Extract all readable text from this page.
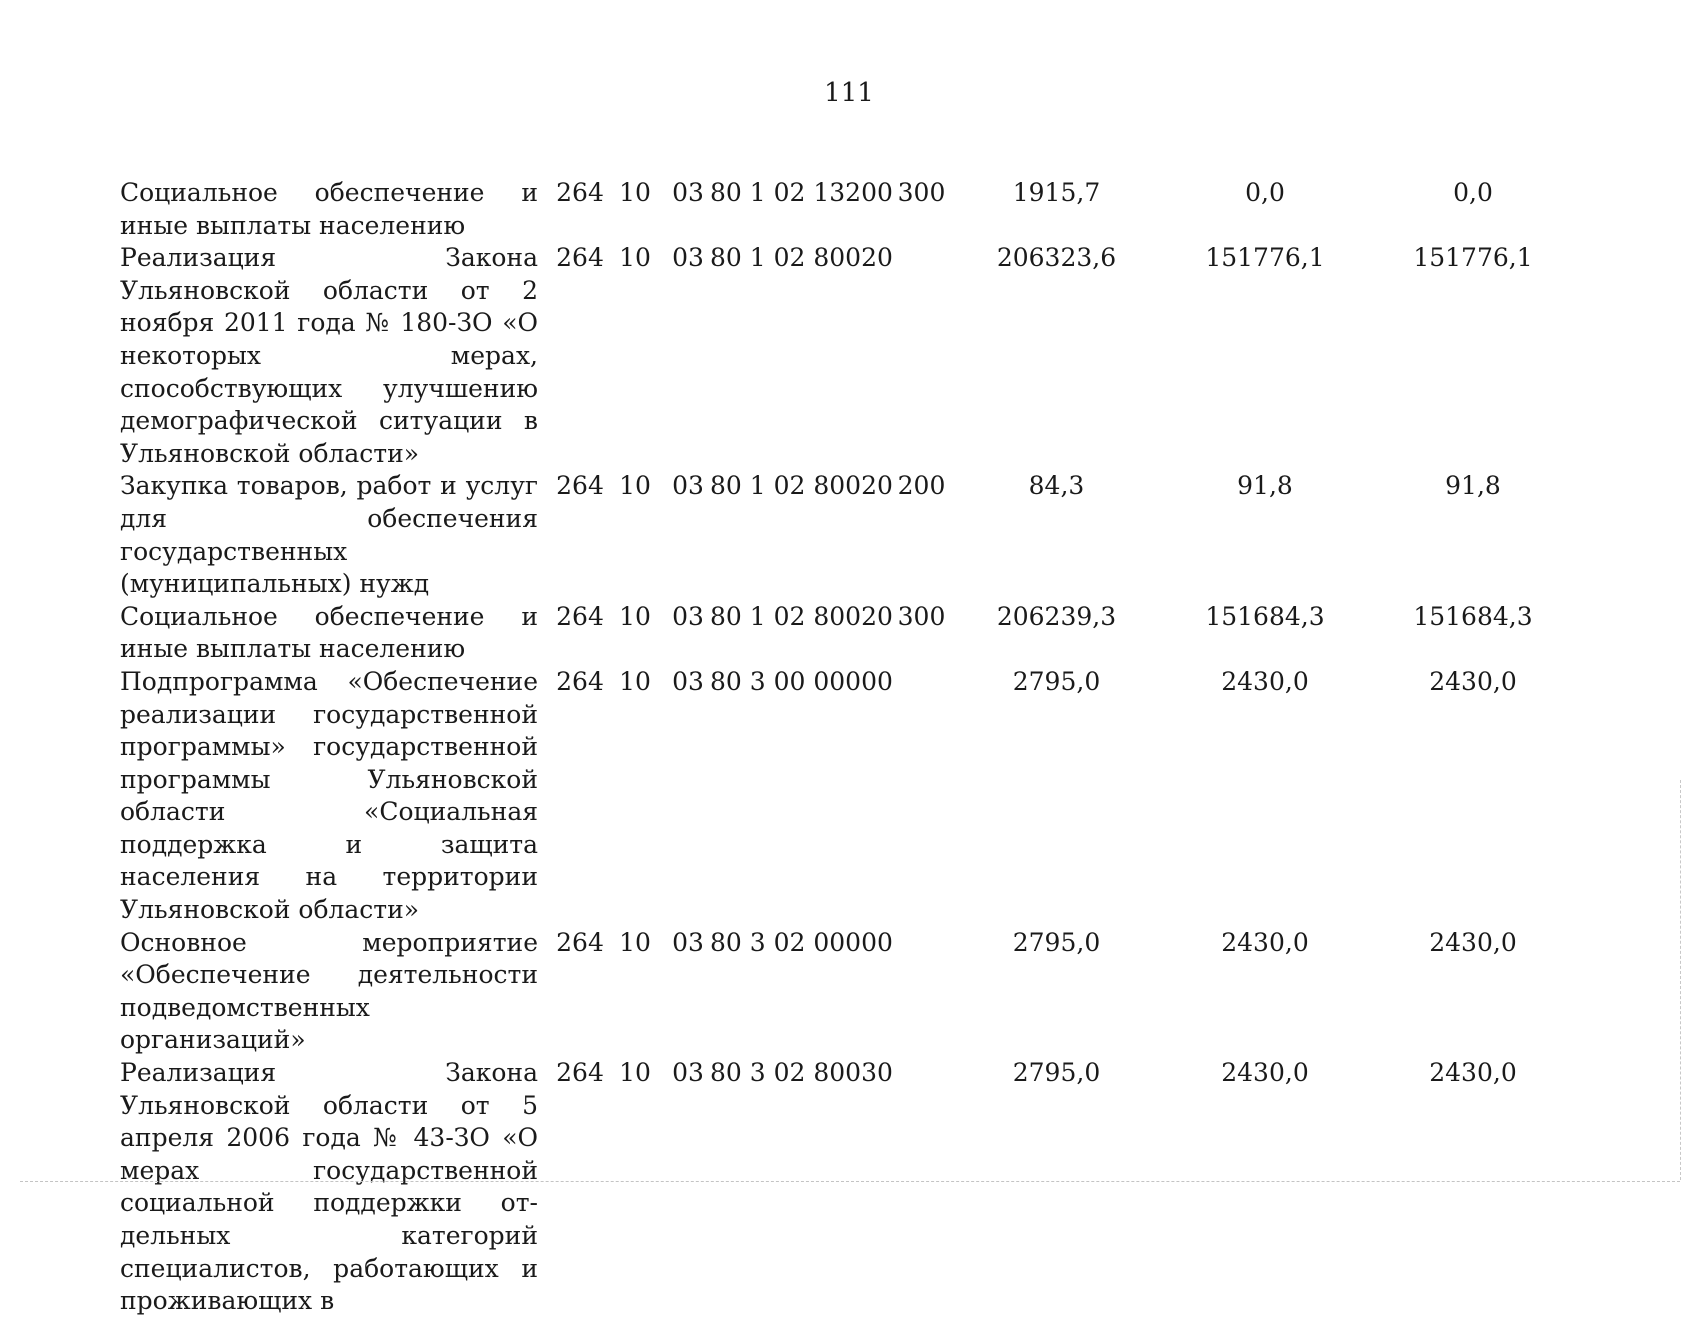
111
Социальное обеспечение и иные выплаты населению	264	10	03	80 1 02 13200	300	1915,7	0,0	0,0
Реализация Закона Ульяновской области от 2 ноября 2011 года № 180-ЗО «О некоторых мерах, способствующих улучшению демографической ситуации в Ульяновской области»	264	10	03	80 1 02 80020		206323,6	151776,1	151776,1
Закупка товаров, работ и услуг для обеспечения государственных (муниципальных) нужд	264	10	03	80 1 02 80020	200	84,3	91,8	91,8
Социальное обеспечение и иные выплаты населению	264	10	03	80 1 02 80020	300	206239,3	151684,3	151684,3
Подпрограмма «Обеспечение реализации государственной программы» государственной программы Ульяновской области «Социальная поддержка и защита населения на территории Ульяновской области»	264	10	03	80 3 00 00000		2795,0	2430,0	2430,0
Основное мероприятие «Обеспечение деятельности подведомственных организаций»	264	10	03	80 3 02 00000		2795,0	2430,0	2430,0
Реализация Закона Ульяновской области от 5 апреля 2006 года № 43-ЗО «О мерах государственной социальной поддержки отдельных категорий специалистов, работающих и проживающих в	264	10	03	80 3 02 80030		2795,0	2430,0	2430,0
